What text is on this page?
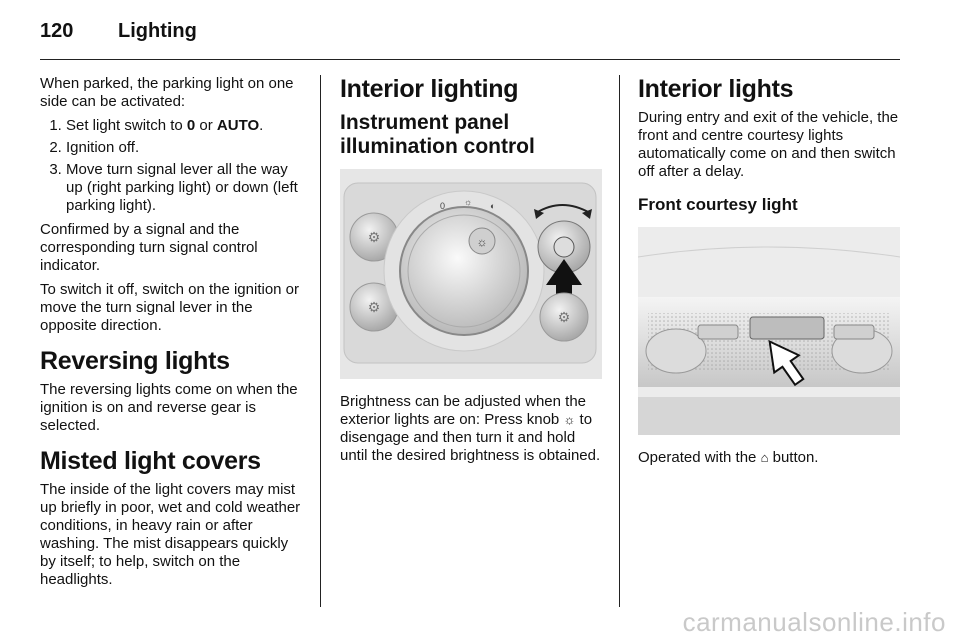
120 Lighting

When parked, the parking light on one side can be activated:

1. Set light switch to 0 or AUTO.
2. Ignition off.
3. Move turn signal lever all the way up (right parking light) or down (left parking light).

Confirmed by a signal and the corresponding turn signal control indicator.

To switch it off, switch on the ignition or move the turn signal lever in the opposite direction.

Reversing lights

The reversing lights come on when the ignition is on and reverse gear is selected.

Misted light covers

The inside of the light covers may mist up briefly in poor, wet and cold weather conditions, in heavy rain or after washing. The mist disappears quickly by itself; to help, switch on the headlights.

Interior lighting
Instrument panel illumination control
⚙
⚙
0 ☼ ◐
☼
⚙

Brightness can be adjusted when the exterior lights are on: Press knob ☼ to disengage and then turn it and hold until the desired brightness is obtained.

Interior lights

During entry and exit of the vehicle, the front and centre courtesy lights automatically come on and then switch off after a delay.

Front courtesy light

Operated with the ⌂ button.

carmanualsonline.info
